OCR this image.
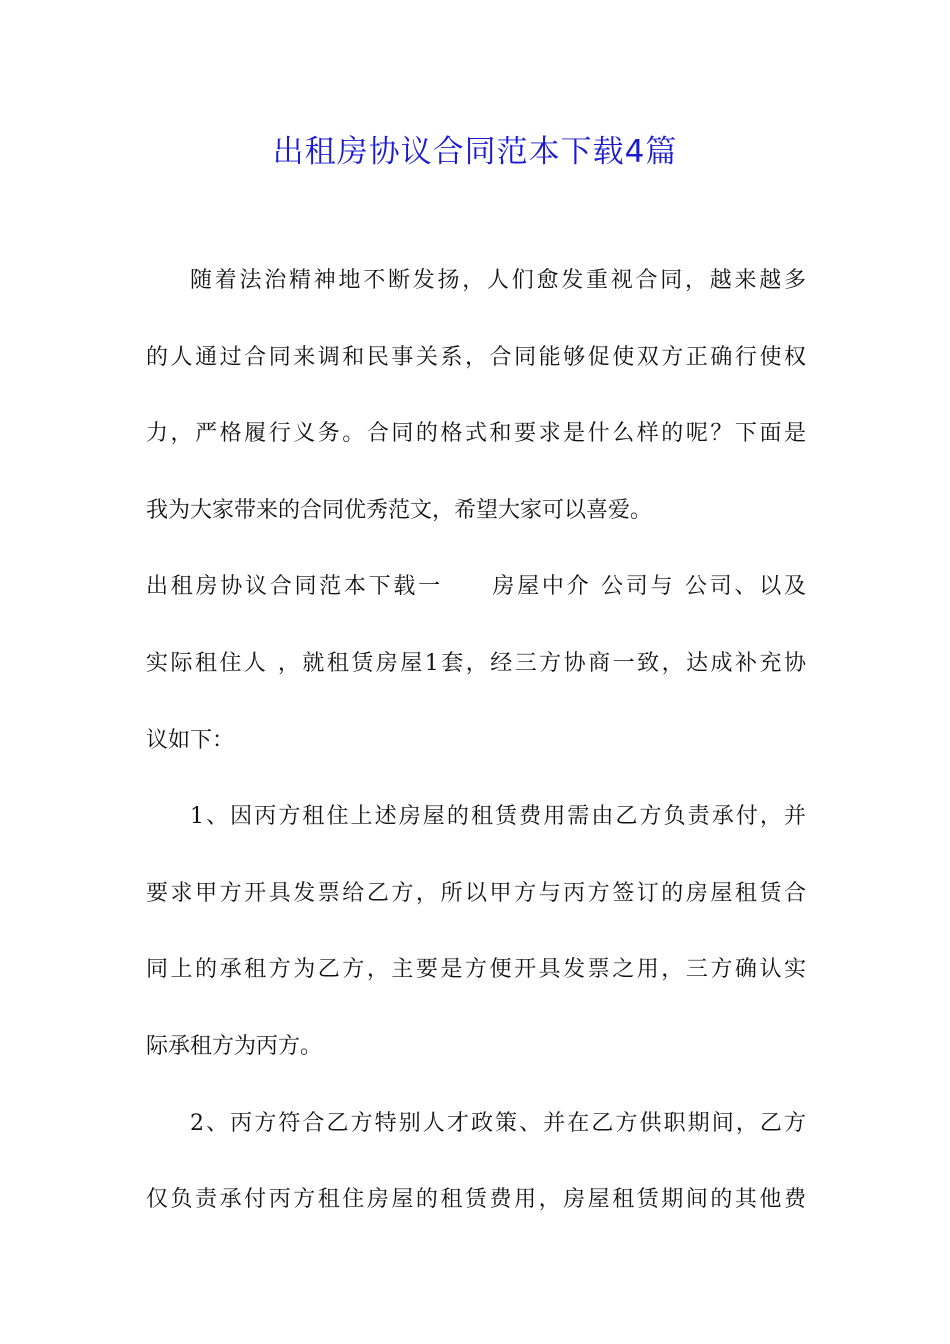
出租房协议合同范本下载4篇
随着法治精神地不断发扬，人们愈发重视合同，越来越多
的人通过合同来调和民事关系，合同能够促使双方正确行使权
力，严格履行义务。合同的格式和要求是什么样的呢？下面是
我为大家带来的合同优秀范文，希望大家可以喜爱。
出租房协议合同范本下载一　　房屋中介 公司与 公司、以及
实际租住人 ，就租赁房屋1套，经三方协商一致，达成补充协
议如下：
1、因丙方租住上述房屋的租赁费用需由乙方负责承付，并
要求甲方开具发票给乙方，所以甲方与丙方签订的房屋租赁合
同上的承租方为乙方，主要是方便开具发票之用，三方确认实
际承租方为丙方。
2、丙方符合乙方特别人才政策、并在乙方供职期间，乙方
仅负责承付丙方租住房屋的租赁费用，房屋租赁期间的其他费
